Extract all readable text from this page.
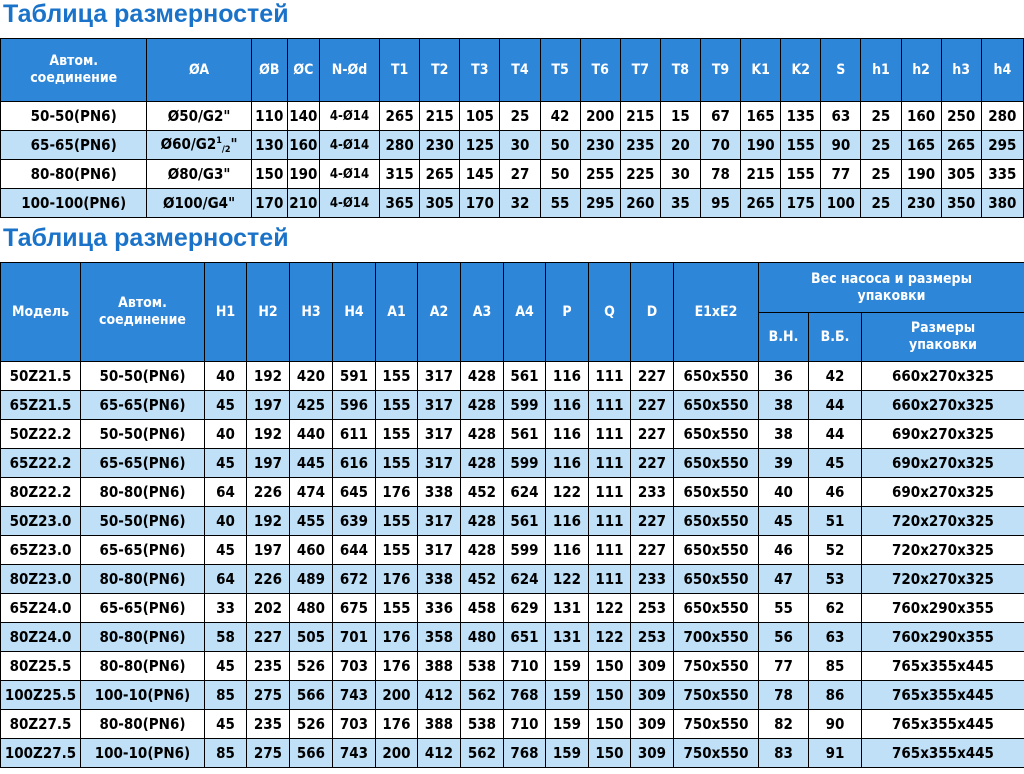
Таблица размерностей
Автом.
соединение	ØA	ØB	ØC	N-Ød	T1	T2	T3	T4	T5	T6	T7	T8	T9	K1	K2	S	h1	h2	h3	h4
50-50(PN6)	Ø50/G2"	110	140	4-Ø14	265	215	105	25	42	200	215	15	67	165	135	63	25	160	250	280
65-65(PN6)	$Ø60/G2^1_{/2}$"	130	160	4-Ø14	280	230	125	30	50	230	235	20	70	190	155	90	25	165	265	295
80-80(PN6)	Ø80/G3"	150	190	4-Ø14	315	265	145	27	50	255	225	30	78	215	155	77	25	190	305	335
100-100(PN6)	Ø100/G4"	170	210	4-Ø14	365	305	170	32	55	295	260	35	95	265	175	100	25	230	350	380
Таблица размерностей
Модель	Автом.
соединение	H1	H2	H3	H4	A1	A2	A3	A4	P	Q	D	E1xE2	Вес насоса и размеры
упаковки		
														В.Н.	В.Б.	Размеры
упаковки
50Z21.5	50-50(PN6)	40	192	420	591	155	317	428	561	116	111	227	650x550	36	42	660x270x325
65Z21.5	65-65(PN6)	45	197	425	596	155	317	428	599	116	111	227	650x550	38	44	660x270x325
50Z22.2	50-50(PN6)	40	192	440	611	155	317	428	561	116	111	227	650x550	38	44	690x270x325
65Z22.2	65-65(PN6)	45	197	445	616	155	317	428	599	116	111	227	650x550	39	45	690x270x325
80Z22.2	80-80(PN6)	64	226	474	645	176	338	452	624	122	111	233	650x550	40	46	690x270x325
50Z23.0	50-50(PN6)	40	192	455	639	155	317	428	561	116	111	227	650x550	45	51	720x270x325
65Z23.0	65-65(PN6)	45	197	460	644	155	317	428	599	116	111	227	650x550	46	52	720x270x325
80Z23.0	80-80(PN6)	64	226	489	672	176	338	452	624	122	111	233	650x550	47	53	720x270x325
65Z24.0	65-65(PN6)	33	202	480	675	155	336	458	629	131	122	253	650x550	55	62	760x290x355
80Z24.0	80-80(PN6)	58	227	505	701	176	358	480	651	131	122	253	700x550	56	63	760x290x355
80Z25.5	80-80(PN6)	45	235	526	703	176	388	538	710	159	150	309	750x550	77	85	765x355x445
100Z25.5	100-10(PN6)	85	275	566	743	200	412	562	768	159	150	309	750x550	78	86	765x355x445
80Z27.5	80-80(PN6)	45	235	526	703	176	388	538	710	159	150	309	750x550	82	90	765x355x445
100Z27.5	100-10(PN6)	85	275	566	743	200	412	562	768	159	150	309	750x550	83	91	765x355x445
